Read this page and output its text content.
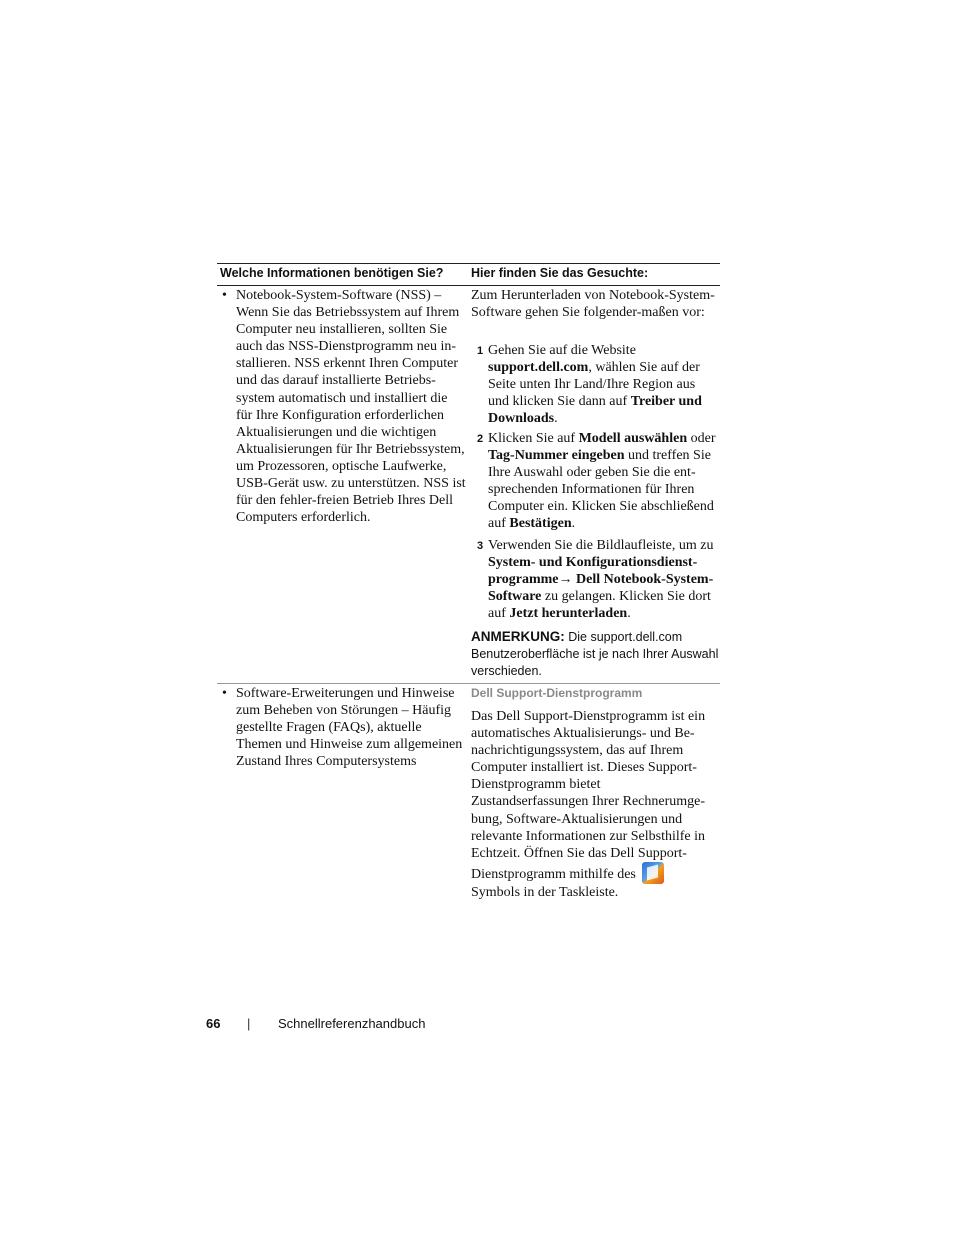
Welche Informationen benötigen Sie? Hier finden Sie das Gesuchte:
• Notebook-System-Software (NSS) – Wenn Sie das Betriebssystem auf Ihrem Computer neu installieren, sollten Sie auch das NSS-Dienstprogramm neu in-stallieren. NSS erkennt Ihren Computer und das darauf installierte Betriebs-system automatisch und installiert die für Ihre Konfiguration erforderlichen Aktualisierungen und die wichtigen Aktualisierungen für Ihr Betriebssystem, um Prozessoren, optische Laufwerke, USB-Gerät usw. zu unterstützen. NSS ist für den fehler-freien Betrieb Ihres Dell Computers erforderlich.
Zum Herunterladen von Notebook-System-Software gehen Sie folgender-maßen vor:
1 Gehen Sie auf die Website support.dell.com, wählen Sie auf der Seite unten Ihr Land/Ihre Region aus und klicken Sie dann auf Treiber und Downloads.
2 Klicken Sie auf Modell auswählen oder Tag-Nummer eingeben und treffen Sie Ihre Auswahl oder geben Sie die ent-sprechenden Informationen für Ihren Computer ein. Klicken Sie abschließend auf Bestätigen.
3 Verwenden Sie die Bildlaufleiste, um zu System- und Konfigurationsdienst-programme→ Dell Notebook-System-Software zu gelangen. Klicken Sie dort auf Jetzt herunterladen.
ANMERKUNG: Die support.dell.com Benutzeroberfläche ist je nach Ihrer Auswahl verschieden.
• Software-Erweiterungen und Hinweise zum Beheben von Störungen – Häufig gestellte Fragen (FAQs), aktuelle Themen und Hinweise zum allgemeinen Zustand Ihres Computersystems
Dell Support-Dienstprogramm
Das Dell Support-Dienstprogramm ist ein automatisches Aktualisierungs- und Be-nachrichtigungssystem, das auf Ihrem Computer installiert ist. Dieses Support-Dienstprogramm bietet Zustandserfassungen Ihrer Rechnerumge-bung, Software-Aktualisierungen und relevante Informationen zur Selbsthilfe in Echtzeit. Öffnen Sie das Dell Support-Dienstprogramm mithilfe des
Symbols in der Taskleiste.
66 | Schnellreferenzhandbuch
